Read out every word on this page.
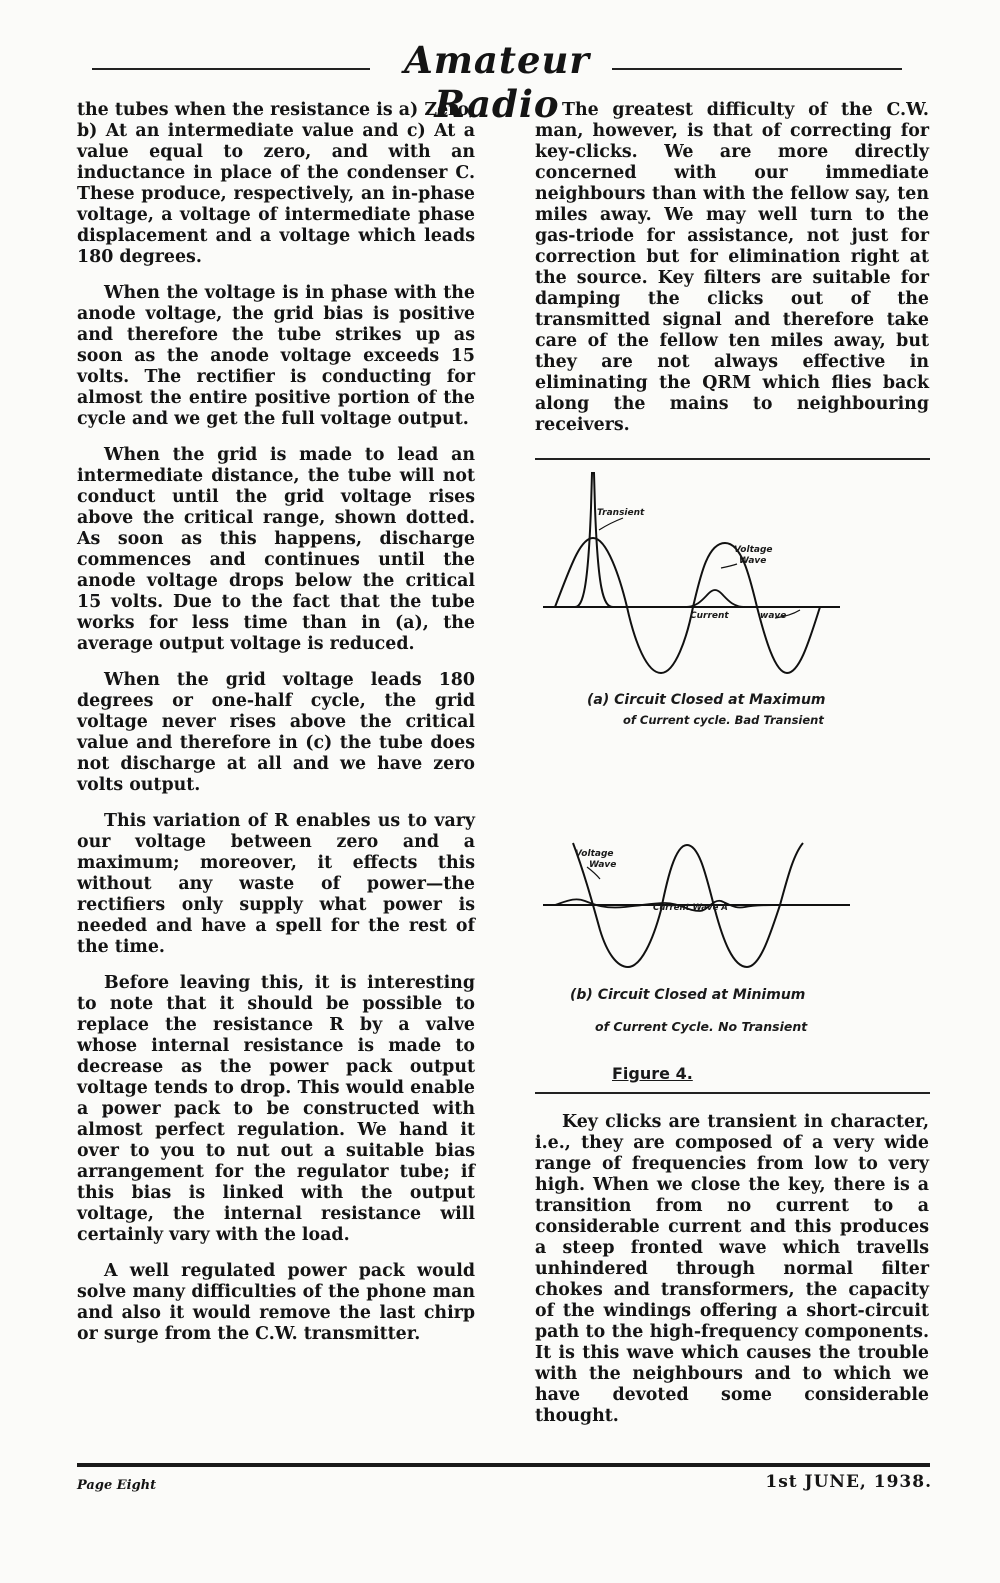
Amateur Radio

the tubes when the resistance is a) Zero, b) At an intermediate value and c) At a value equal to zero, and with an inductance in place of the condenser C. These produce, respectively, an in-phase voltage, a voltage of intermediate phase displacement and a voltage which leads 180 degrees.

When the voltage is in phase with the anode voltage, the grid bias is positive and therefore the tube strikes up as soon as the anode voltage exceeds 15 volts. The rectifier is conducting for almost the entire positive portion of the cycle and we get the full voltage output.

When the grid is made to lead an intermediate distance, the tube will not conduct until the grid voltage rises above the critical range, shown dotted. As soon as this happens, discharge commences and continues until the anode voltage drops below the critical 15 volts. Due to the fact that the tube works for less time than in (a), the average output voltage is reduced.

When the grid voltage leads 180 degrees or one-half cycle, the grid voltage never rises above the critical value and therefore in (c) the tube does not discharge at all and we have zero volts output.

This variation of R enables us to vary our voltage between zero and a maximum; moreover, it effects this without any waste of power—the rectifiers only supply what power is needed and have a spell for the rest of the time.

Before leaving this, it is interesting to note that it should be possible to replace the resistance R by a valve whose internal resistance is made to decrease as the power pack output voltage tends to drop. This would enable a power pack to be constructed with almost perfect regulation. We hand it over to you to nut out a suitable bias arrangement for the regulator tube; if this bias is linked with the output voltage, the internal resistance will certainly vary with the load.

A well regulated power pack would solve many difficulties of the phone man and also it would remove the last chirp or surge from the C.W. transmitter.

The greatest difficulty of the C.W. man, however, is that of correcting for key-clicks. We are more directly concerned with our immediate neighbours than with the fellow say, ten miles away. We may well turn to the gas-triode for assistance, not just for correction but for elimination right at the source. Key filters are suitable for damping the clicks out of the transmitted signal and therefore take care of the fellow ten miles away, but they are not always effective in eliminating the QRM which flies back along the mains to neighbouring receivers.

Transient
Voltage
Wave
Current	wave
(a) Circuit Closed at Maximum
of Current cycle. Bad Transient
Voltage
Wave
Current Wave A
(b) Circuit Closed at Minimum
of Current Cycle. No Transient
Figure 4.

Key clicks are transient in character, i.e., they are composed of a very wide range of frequencies from low to very high. When we close the key, there is a transition from no current to a considerable current and this produces a steep fronted wave which travells unhindered through normal filter chokes and transformers, the capacity of the windings offering a short-circuit path to the high-frequency components. It is this wave which causes the trouble with the neighbours and to which we have devoted some considerable thought.

Page Eight	1st JUNE, 1938.
